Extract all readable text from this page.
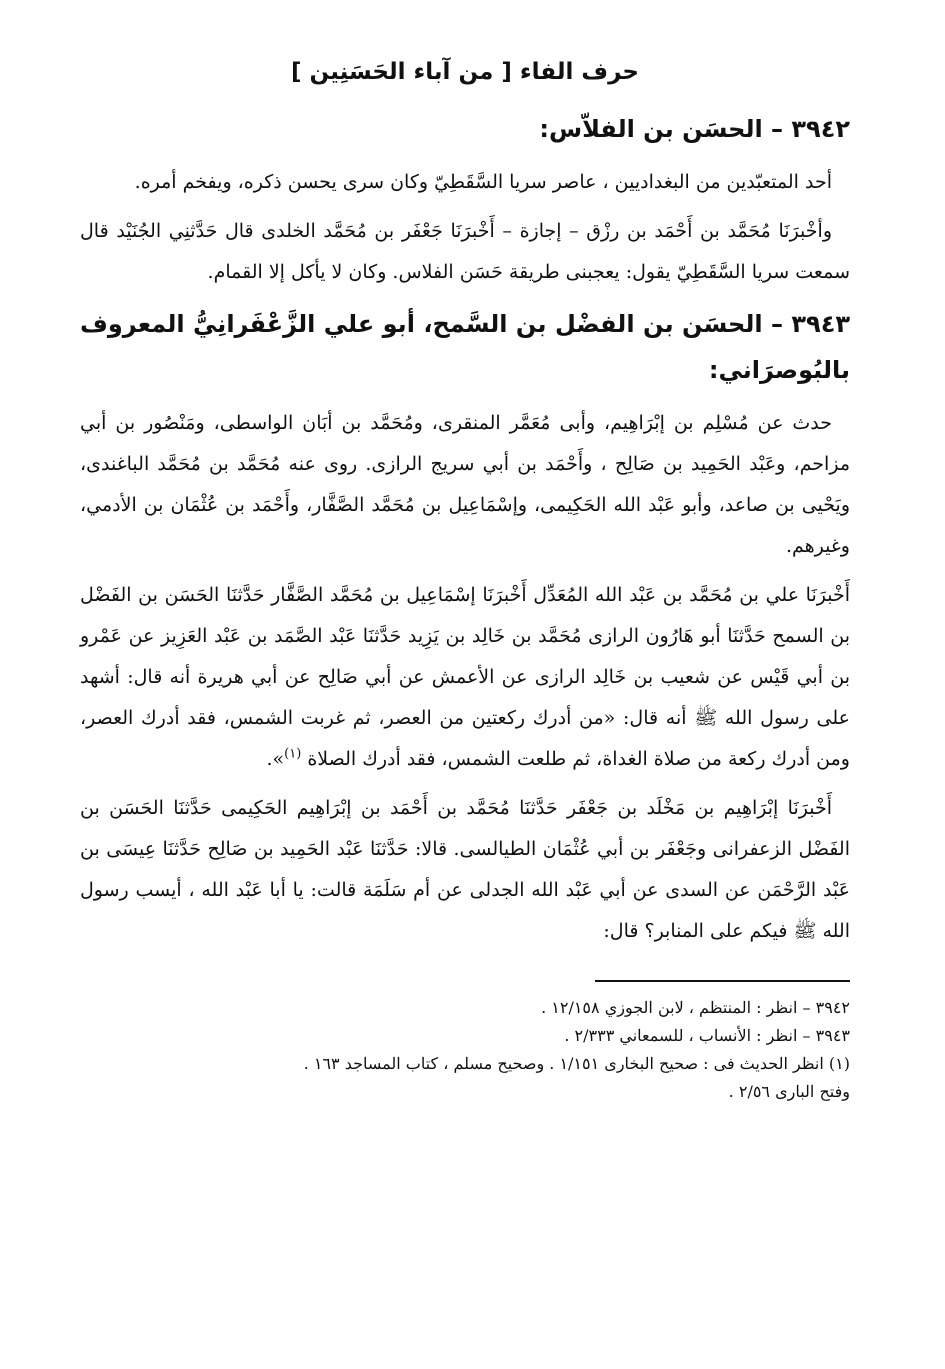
حرف الفاء [ من آباء الحَسَنِين ]
٣٩٤٢ – الحسَن بن الفلاّس:

أحد المتعبّدين من البغداديين ، عاصر سريا السَّقَطِيّ وكان سرى يحسن ذكره، ويفخم أمره.

وأخْبرَنَا مُحَمَّد بن أَحْمَد بن رزْق – إجازة – أَخْبرَنَا جَعْفَر بن مُحَمَّد الخلدى قال حَدَّثنِي الجُنَيْد قال سمعت سريا السَّقَطِيّ يقول: يعجبنى طريقة حَسَن الفلاس. وكان لا يأكل إلا القمام.

٣٩٤٣ – الحسَن بن الفضْل بن السَّمح، أبو علي الزَّعْفَرانِيُّ المعروف بالبُوصرَاني:

حدث عن مُسْلِم بن إبْرَاهِيم، وأبى مُعَمَّر المنقرى، ومُحَمَّد بن أبَان الواسطى، ومَنْصُور بن أبي مزاحم، وعَبْد الحَمِيد بن صَالِح ، وأَحْمَد بن أبي سريج الرازى. روى عنه مُحَمَّد بن مُحَمَّد الباغندى، ويَحْيى بن صاعد، وأبو عَبْد الله الحَكِيمى، وإسْمَاعِيل بن مُحَمَّد الصَّفَّار، وأَحْمَد بن عُثْمَان بن الأدمي، وغيرهم.

أَخْبرَنَا علي بن مُحَمَّد بن عَبْد الله المُعَدِّل أَخْبرَنَا إسْمَاعِيل بن مُحَمَّد الصَّفَّار حَدَّثنَا الحَسَن بن الفَضْل بن السمح حَدَّثنَا أبو هَارُون الرازى مُحَمَّد بن خَالِد بن يَزِيد حَدَّثنَا عَبْد الصَّمَد بن عَبْد العَزِيز عن عَمْرو بن أبي قَيْس عن شعيب بن خَالِد الرازى عن الأعمش عن أبي صَالِح عن أبي هريرة أنه قال: أشهد على رسول الله ﷺ أنه قال: «من أدرك ركعتين من العصر، ثم غربت الشمس، فقد أدرك العصر، ومن أدرك ركعة من صلاة الغداة، ثم طلعت الشمس، فقد أدرك الصلاة $^{(١)}$».

أَخْبرَنَا إبْرَاهِيم بن مَخْلَد بن جَعْفَر حَدَّثنَا مُحَمَّد بن أَحْمَد بن إبْرَاهِيم الحَكِيمى حَدَّثنَا الحَسَن بن الفَضْل الزعفرانى وجَعْفَر بن أبي عُثْمَان الطيالسى. قالا: حَدَّثنَا عَبْد الحَمِيد بن صَالِح حَدَّثنَا عِيسَى بن عَبْد الرَّحْمَن عن السدى عن أبي عَبْد الله الجدلى عن أم سَلَمَة قالت: يا أبا عَبْد الله ، أيسب رسول الله ﷺ فيكم على المنابر؟ قال:

٣٩٤٢ – انظر : المنتظم ، لابن الجوزي ١٢/١٥٨ .

٣٩٤٣ – انظر : الأنساب ، للسمعاني ٢/٣٣٣ .

(١) انظر الحديث فى : صحيح البخارى ١/١٥١ . وصحيح مسلم ، كتاب المساجد ١٦٣ .

وفتح البارى ٢/٥٦ .
